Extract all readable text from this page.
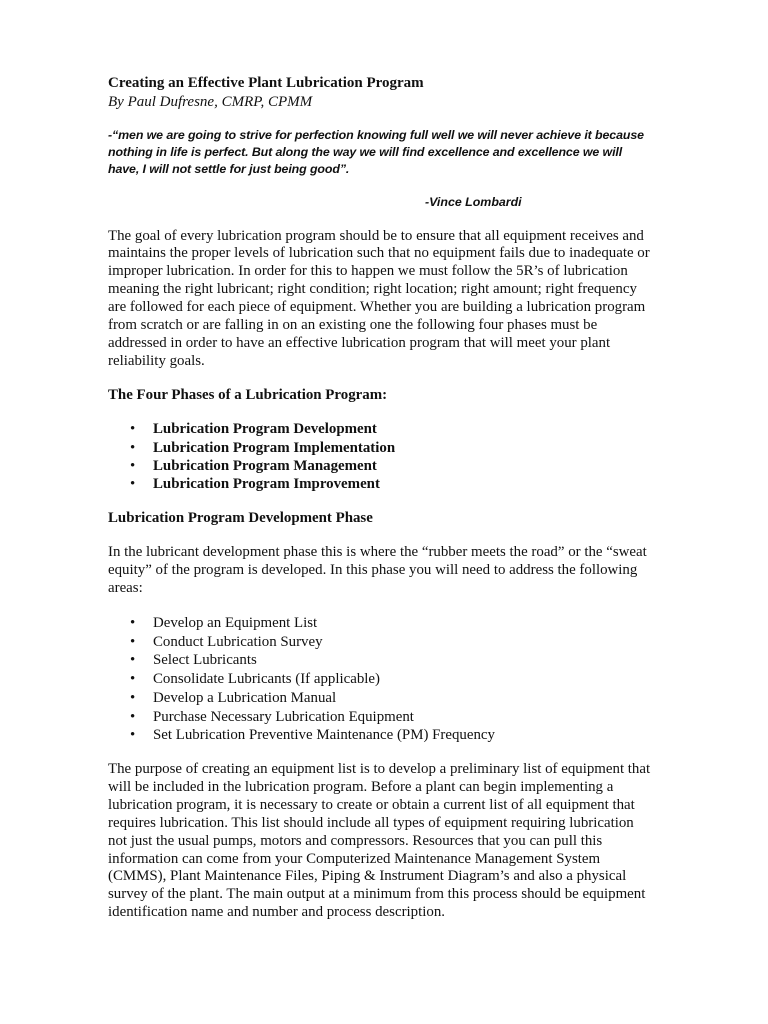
Creating an Effective Plant Lubrication Program

By Paul Dufresne, CMRP, CPMM

-“men we are going to strive for perfection knowing full well we will never achieve it because nothing in life is perfect. But along the way we will find excellence and excellence we will have, I will not settle for just being good”.

-Vince Lombardi

The goal of every lubrication program should be to ensure that all equipment receives and maintains the proper levels of lubrication such that no equipment fails due to inadequate or improper lubrication. In order for this to happen we must follow the 5R’s of lubrication meaning the right lubricant; right condition; right location; right amount; right frequency are followed for each piece of equipment. Whether you are building a lubrication program from scratch or are falling in on an existing one the following four phases must be addressed in order to have an effective lubrication program that will meet your plant reliability goals.

The Four Phases of a Lubrication Program:

• Lubrication Program Development
• Lubrication Program Implementation
• Lubrication Program Management
• Lubrication Program Improvement

Lubrication Program Development Phase

In the lubricant development phase this is where the “rubber meets the road” or the “sweat equity” of the program is developed. In this phase you will need to address the following areas:

• Develop an Equipment List
• Conduct Lubrication Survey
• Select Lubricants
• Consolidate Lubricants (If applicable)
• Develop a Lubrication Manual
• Purchase Necessary Lubrication Equipment
• Set Lubrication Preventive Maintenance (PM) Frequency

The purpose of creating an equipment list is to develop a preliminary list of equipment that will be included in the lubrication program. Before a plant can begin implementing a lubrication program, it is necessary to create or obtain a current list of all equipment that requires lubrication. This list should include all types of equipment requiring lubrication not just the usual pumps, motors and compressors. Resources that you can pull this information can come from your Computerized Maintenance Management System (CMMS), Plant Maintenance Files, Piping & Instrument Diagram’s and also a physical survey of the plant. The main output at a minimum from this process should be equipment identification name and number and process description.
